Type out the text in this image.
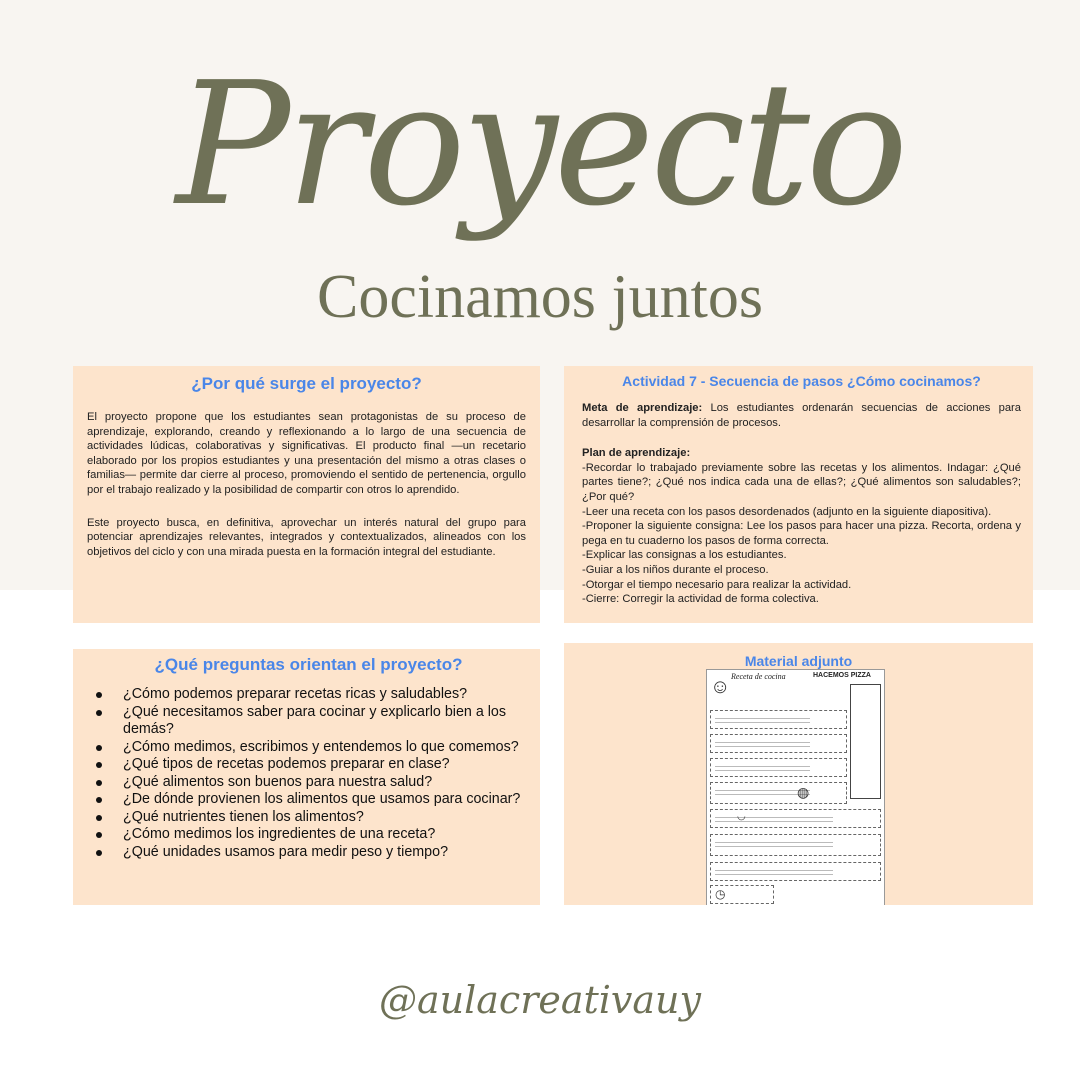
Proyecto
Cocinamos juntos
¿Por qué surge el proyecto?

El proyecto propone que los estudiantes sean protagonistas de su proceso de aprendizaje, explorando, creando y reflexionando a lo largo de una secuencia de actividades lúdicas, colaborativas y significativas. El producto final —un recetario elaborado por los propios estudiantes y una presentación del mismo a otras clases o familias— permite dar cierre al proceso, promoviendo el sentido de pertenencia, orgullo por el trabajo realizado y la posibilidad de compartir con otros lo aprendido.

Este proyecto busca, en definitiva, aprovechar un interés natural del grupo para potenciar aprendizajes relevantes, integrados y contextualizados, alineados con los objetivos del ciclo y con una mirada puesta en la formación integral del estudiante.

Actividad 7 - Secuencia de pasos ¿Cómo cocinamos?

Meta de aprendizaje: Los estudiantes ordenarán secuencias de acciones para desarrollar la comprensión de procesos.

Plan de aprendizaje:

-Recordar lo trabajado previamente sobre las recetas y los alimentos. Indagar: ¿Qué partes tiene?; ¿Qué nos indica cada una de ellas?; ¿Qué alimentos son saludables?; ¿Por qué?

-Leer una receta con los pasos desordenados (adjunto en la siguiente diapositiva).

-Proponer la siguiente consigna: Lee los pasos para hacer una pizza. Recorta, ordena y pega en tu cuaderno los pasos de forma correcta.

-Explicar las consignas a los estudiantes.

-Guiar a los niños durante el proceso.

-Otorgar el tiempo necesario para realizar la actividad.

-Cierre: Corregir la actividad de forma colectiva.

¿Qué preguntas orientan el proyecto?
¿Cómo podemos preparar recetas ricas y saludables?
¿Qué necesitamos saber para cocinar y explicarlo bien a los demás?
¿Cómo medimos, escribimos y entendemos lo que comemos?
¿Qué tipos de recetas podemos preparar en clase?
¿Qué alimentos son buenos para nuestra salud?
¿De dónde provienen los alimentos que usamos para cocinar?
¿Qué nutrientes tienen los alimentos?
¿Cómo medimos los ingredientes de una receta?
¿Qué unidades usamos para medir peso y tiempo?
Material adjunto
☺ Receta de cocina	HACEMOS PIZZA
◍
◡
◷
@aulacreativauy
